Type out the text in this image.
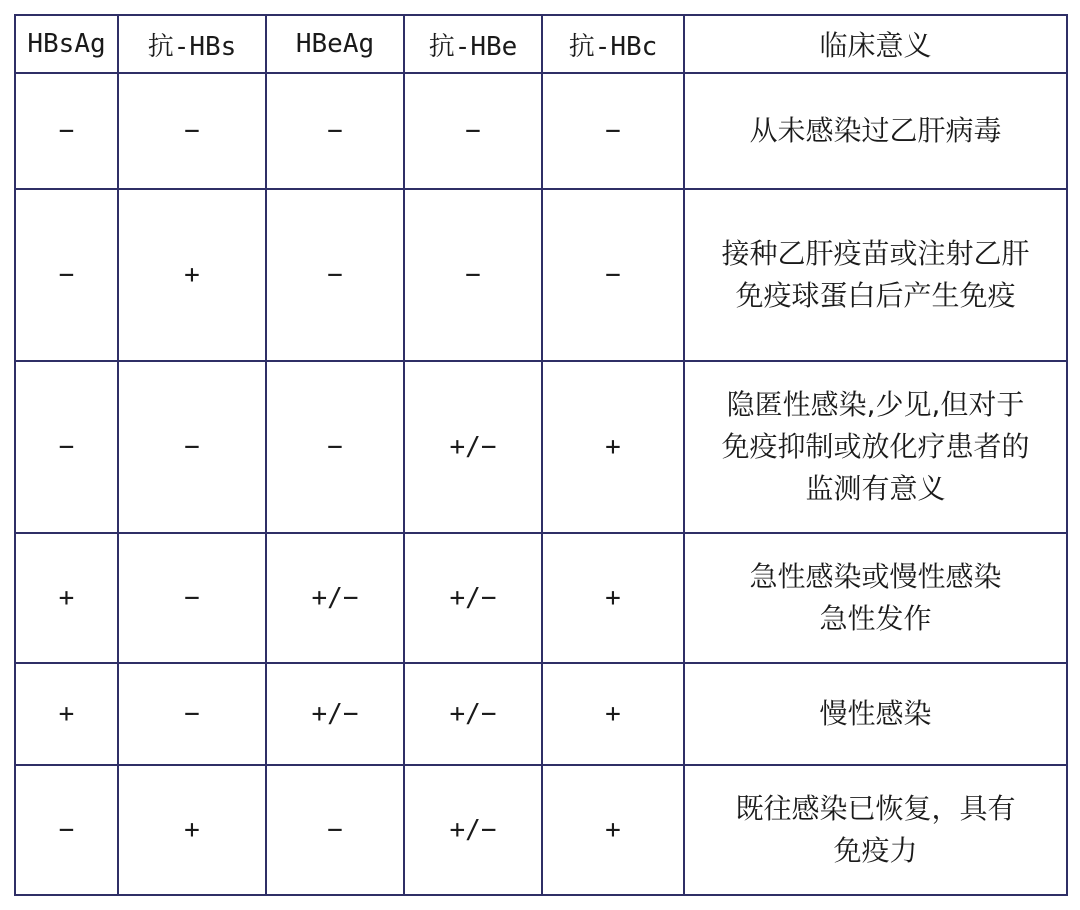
HBsAg	抗-HBs	HBeAg	抗-HBe	抗-HBc	临床意义
−	−	−	−	−	从未感染过乙肝病毒

−	+	−	−	−	接种乙肝疫苗或注射乙肝
免疫球蛋白后产生免疫

−	−	−	+/−	+	隐匿性感染,少见,但对于
免疫抑制或放化疗患者的
监测有意义

+	−	+/−	+/−	+	急性感染或慢性感染
急性发作

+	−	+/−	+/−	+	慢性感染

−	+	−	+/−	+	既往感染已恢复，具有
免疫力
